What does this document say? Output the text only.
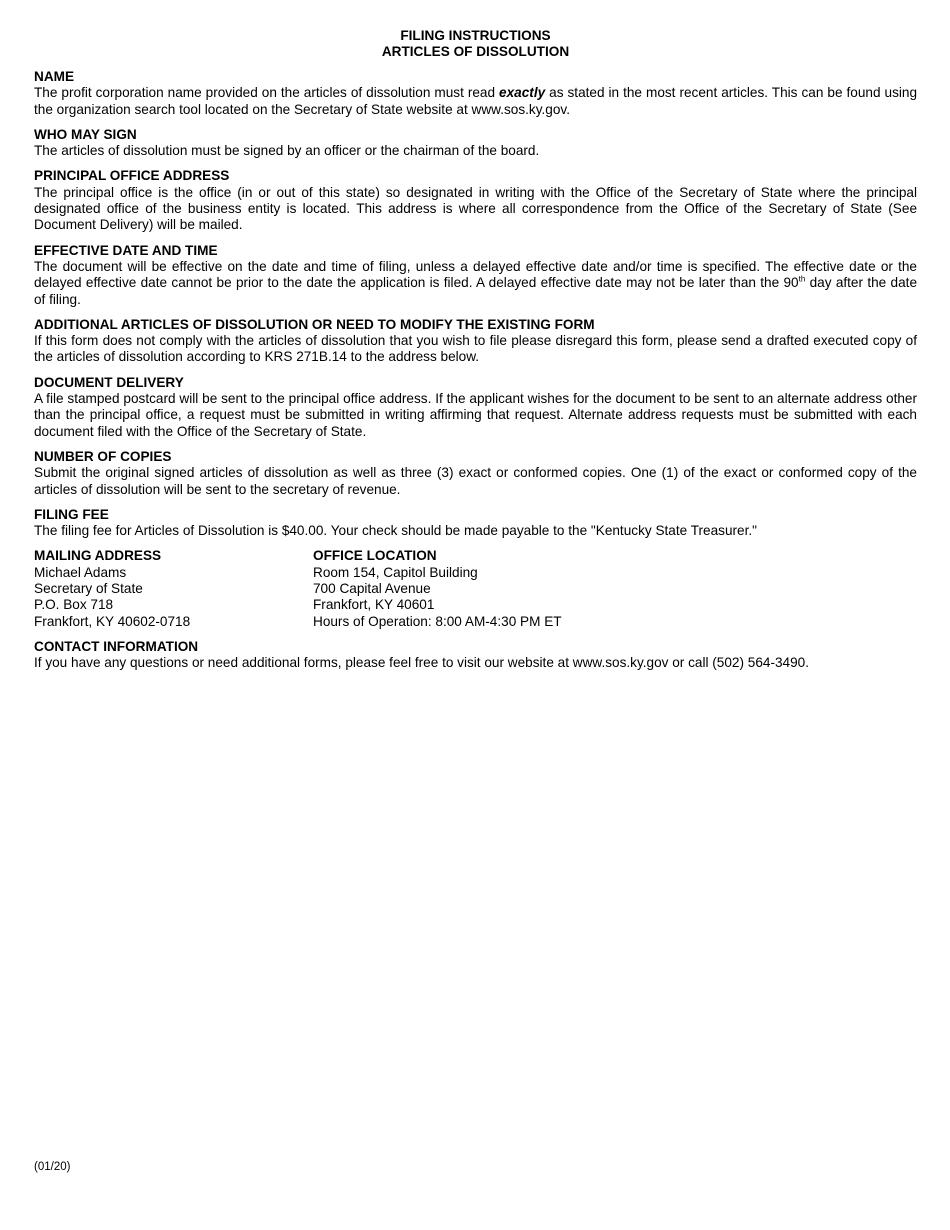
FILING INSTRUCTIONS
ARTICLES OF DISSOLUTION
NAME

The profit corporation name provided on the articles of dissolution must read exactly as stated in the most recent articles. This can be found using the organization search tool located on the Secretary of State website at www.sos.ky.gov.

WHO MAY SIGN

The articles of dissolution must be signed by an officer or the chairman of the board.

PRINCIPAL OFFICE ADDRESS

The principal office is the office (in or out of this state) so designated in writing with the Office of the Secretary of State where the principal designated office of the business entity is located. This address is where all correspondence from the Office of the Secretary of State (See Document Delivery) will be mailed.

EFFECTIVE DATE AND TIME

The document will be effective on the date and time of filing, unless a delayed effective date and/or time is specified. The effective date or the delayed effective date cannot be prior to the date the application is filed. A delayed effective date may not be later than the 90th day after the date of filing.

ADDITIONAL ARTICLES OF DISSOLUTION OR NEED TO MODIFY THE EXISTING FORM

If this form does not comply with the articles of dissolution that you wish to file please disregard this form, please send a drafted executed copy of the articles of dissolution according to KRS 271B.14 to the address below.

DOCUMENT DELIVERY

A file stamped postcard will be sent to the principal office address. If the applicant wishes for the document to be sent to an alternate address other than the principal office, a request must be submitted in writing affirming that request. Alternate address requests must be submitted with each document filed with the Office of the Secretary of State.

NUMBER OF COPIES

Submit the original signed articles of dissolution as well as three (3) exact or conformed copies. One (1) of the exact or conformed copy of the articles of dissolution will be sent to the secretary of revenue.

FILING FEE

The filing fee for Articles of Dissolution is $40.00. Your check should be made payable to the "Kentucky State Treasurer."

MAILING ADDRESS
Michael Adams
Secretary of State
P.O. Box 718
Frankfort, KY 40602-0718
OFFICE LOCATION
Room 154, Capitol Building
700 Capital Avenue
Frankfort, KY 40601
Hours of Operation: 8:00 AM-4:30 PM ET
CONTACT INFORMATION

If you have any questions or need additional forms, please feel free to visit our website at www.sos.ky.gov or call (502) 564-3490.

(01/20)
